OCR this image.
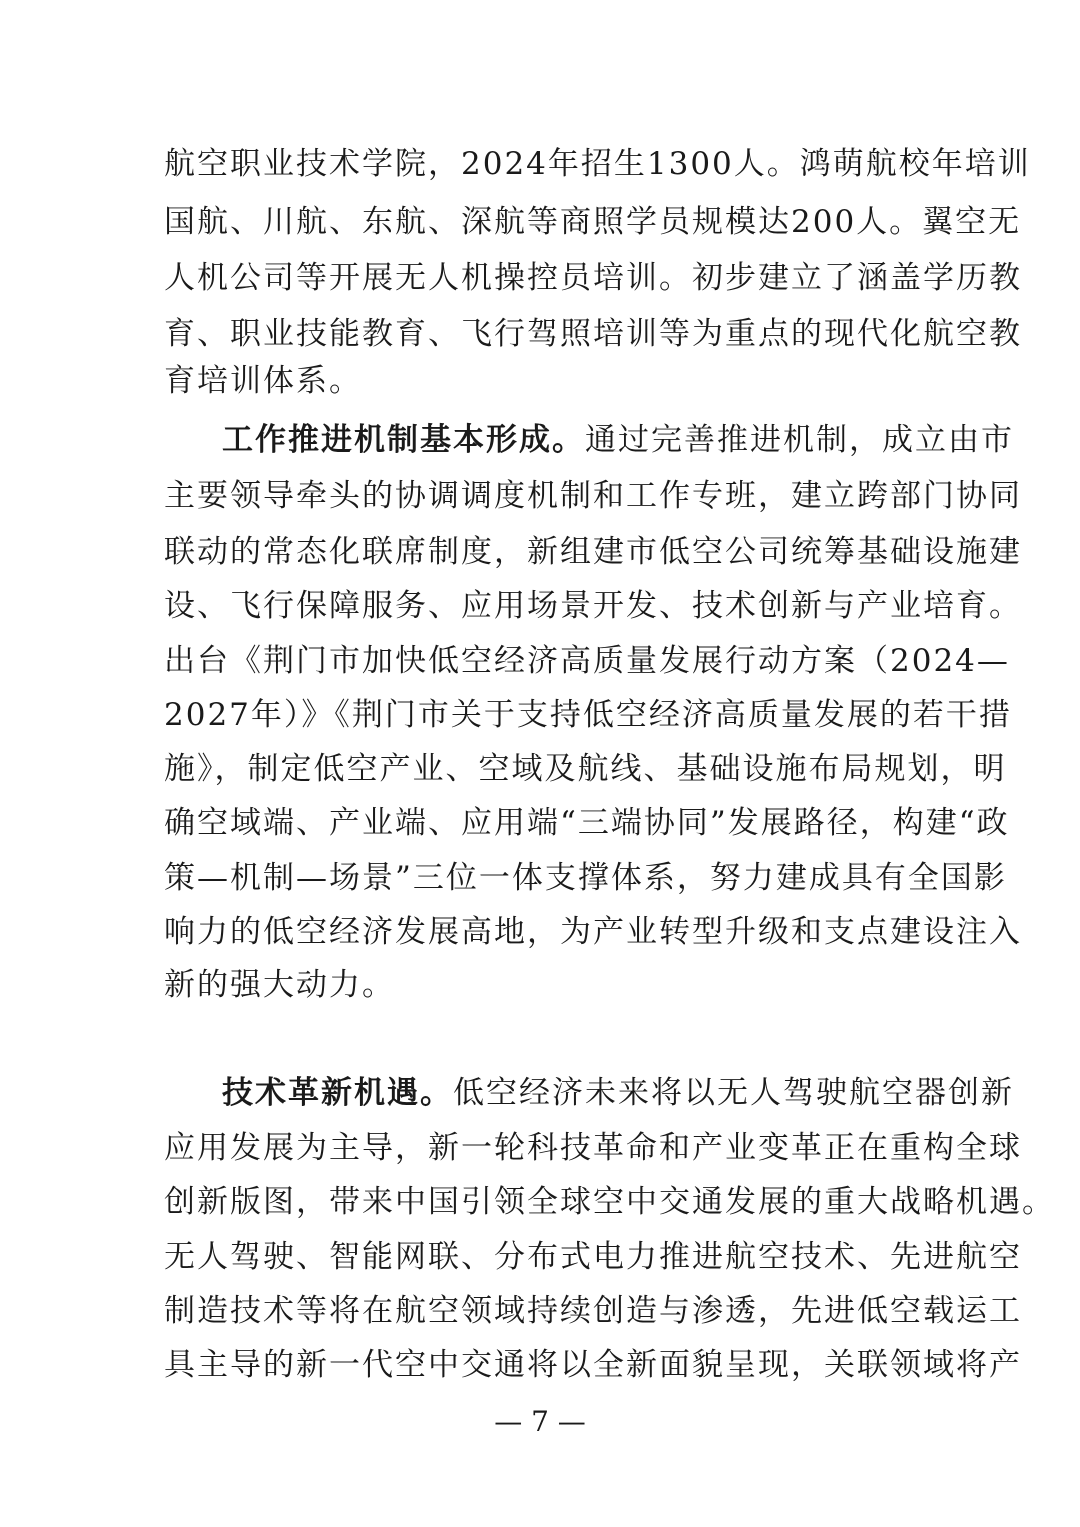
航空职业技术学院，2024年招生1300人。鸿萌航校年培训
国航、川航、东航、深航等商照学员规模达200人。翼空无
人机公司等开展无人机操控员培训。初步建立了涵盖学历教
育、职业技能教育、飞行驾照培训等为重点的现代化航空教
育培训体系。
工作推进机制基本形成。通过完善推进机制，成立由市
主要领导牵头的协调调度机制和工作专班，建立跨部门协同
联动的常态化联席制度，新组建市低空公司统筹基础设施建
设、飞行保障服务、应用场景开发、技术创新与产业培育。
出台《荆门市加快低空经济高质量发展行动方案（2024—
2027年）》《荆门市关于支持低空经济高质量发展的若干措
施》，制定低空产业、空域及航线、基础设施布局规划，明
确空域端、产业端、应用端“三端协同”发展路径，构建“政
策—机制—场景”三位一体支撑体系，努力建成具有全国影
响力的低空经济发展高地，为产业转型升级和支点建设注入
新的强大动力。
技术革新机遇。低空经济未来将以无人驾驶航空器创新
应用发展为主导，新一轮科技革命和产业变革正在重构全球
创新版图，带来中国引领全球空中交通发展的重大战略机遇。
无人驾驶、智能网联、分布式电力推进航空技术、先进航空
制造技术等将在航空领域持续创造与渗透，先进低空载运工
具主导的新一代空中交通将以全新面貌呈现，关联领域将产
— 7 —
